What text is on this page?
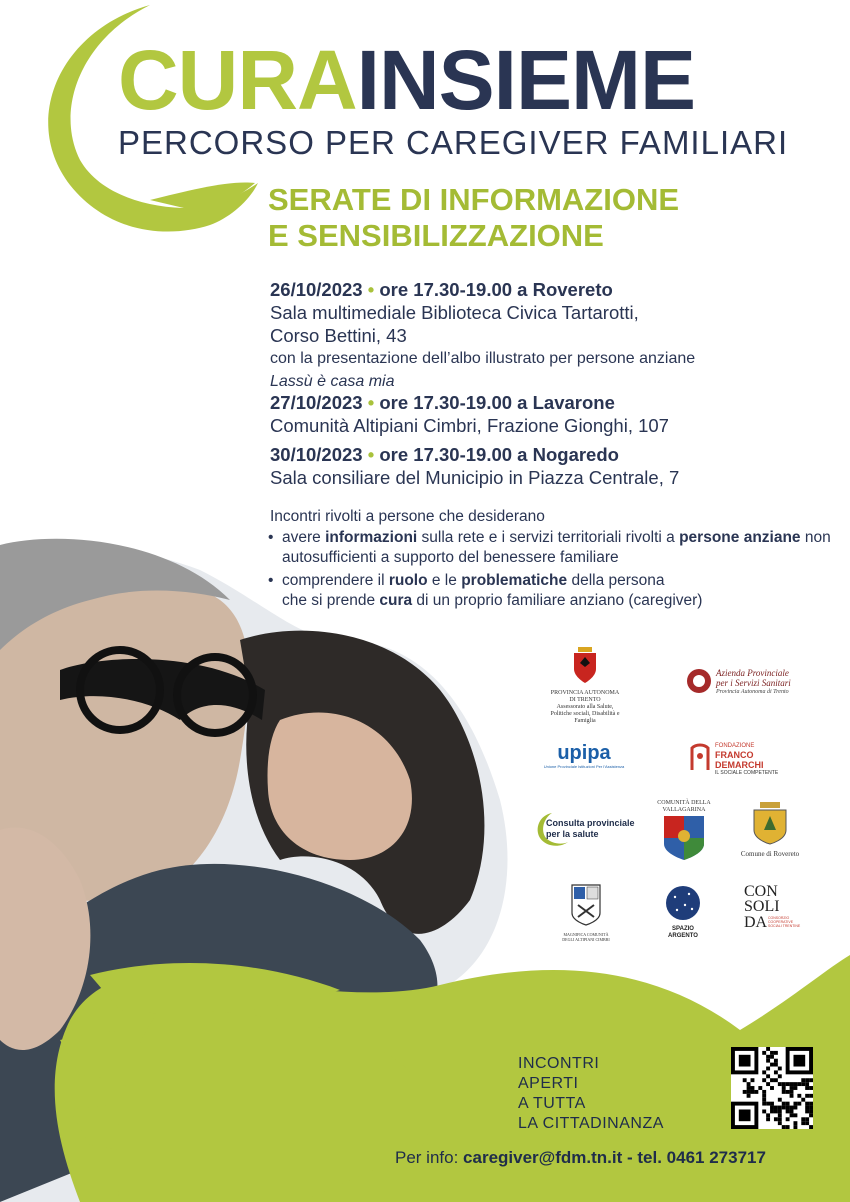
CURAINSIEME
PERCORSO PER CAREGIVER FAMILIARI
SERATE DI INFORMAZIONE
E SENSIBILIZZAZIONE
26/10/2023 • ore 17.30-19.00 a Rovereto
Sala multimediale Biblioteca Civica Tartarotti,
Corso Bettini, 43
con la presentazione dell’albo illustrato per persone anziane
Lassù è casa mia
27/10/2023 • ore 17.30-19.00 a Lavarone
Comunità Altipiani Cimbri, Frazione Gionghi, 107
30/10/2023 • ore 17.30-19.00 a Nogaredo
Sala consiliare del Municipio in Piazza Centrale, 7
Incontri rivolti a persone che desiderano
• avere informazioni sulla rete e i servizi territoriali rivolti a persone anziane non autosufficienti a supporto del benessere familiare
• comprendere il ruolo e le problematiche della persona
che si prende cura di un proprio familiare anziano (caregiver)
PROVINCIA AUTONOMA
DI TRENTO
Assessorato alla Salute,
Politiche sociali, Disabilità e Famiglia
Azienda Provinciale
per i Servizi Sanitari
Provincia Autonoma di Trento
upipa
Unione Provinciale Istituzioni Per l'Assistenza
FONDAZIONE
FRANCO DEMARCHI
IL SOCIALE COMPETENTE
Consulta provinciale
per la salute
COMUNITÀ DELLA
VALLAGARINA
Comune di Rovereto
MAGNIFICA COMUNITÀ DEGLI ALTIPIANI CIMBRI
SPAZIO
ARGENTO
CON
SOLI
DA CONSORZIO COOPERATIVE SOCIALI TRENTINE
INCONTRI
APERTI
A TUTTA
LA CITTADINANZA
Per info: caregiver@fdm.tn.it - tel. 0461 273717
